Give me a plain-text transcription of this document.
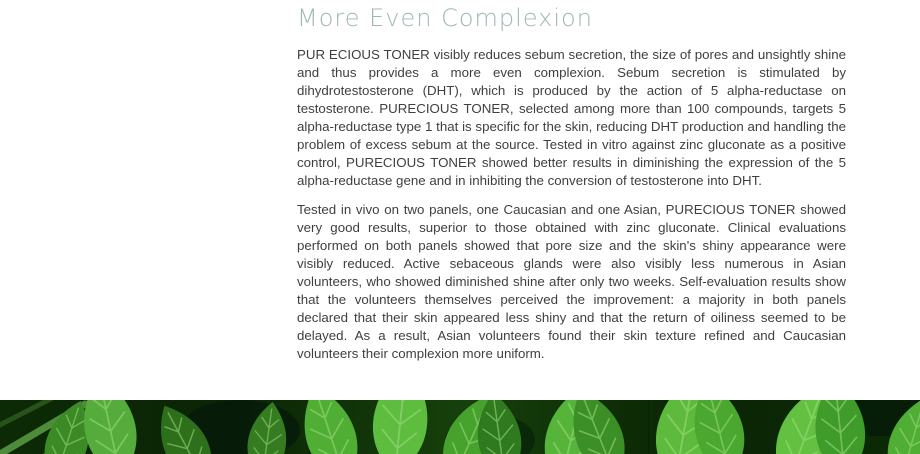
More Even Complexion

PUR ECIOUS TONER visibly reduces sebum secretion, the size of pores and unsightly shine and thus provides a more even complexion. Sebum secretion is stimulated by dihydrotestosterone (DHT), which is produced by the action of 5 alpha-reductase on testosterone. PURECIOUS TONER, selected among more than 100 compounds, targets 5 alpha-reductase type 1 that is specific for the skin, reducing DHT production and handling the problem of excess sebum at the source. Tested in vitro against zinc gluconate as a positive control, PURECIOUS TONER showed better results in diminishing the expression of the 5 alpha-reductase gene and in inhibiting the conversion of testosterone into DHT.

Tested in vivo on two panels, one Caucasian and one Asian, PURECIOUS TONER showed very good results, superior to those obtained with zinc gluconate. Clinical evaluations performed on both panels showed that pore size and the skin's shiny appearance were visibly reduced. Active sebaceous glands were also visibly less numerous in Asian volunteers, who showed diminished shine after only two weeks. Self-evaluation results show that the volunteers themselves perceived the improvement: a majority in both panels declared that their skin appeared less shiny and that the return of oiliness seemed to be delayed. As a result, Asian volunteers found their skin texture refined and Caucasian volunteers their complexion more uniform.
